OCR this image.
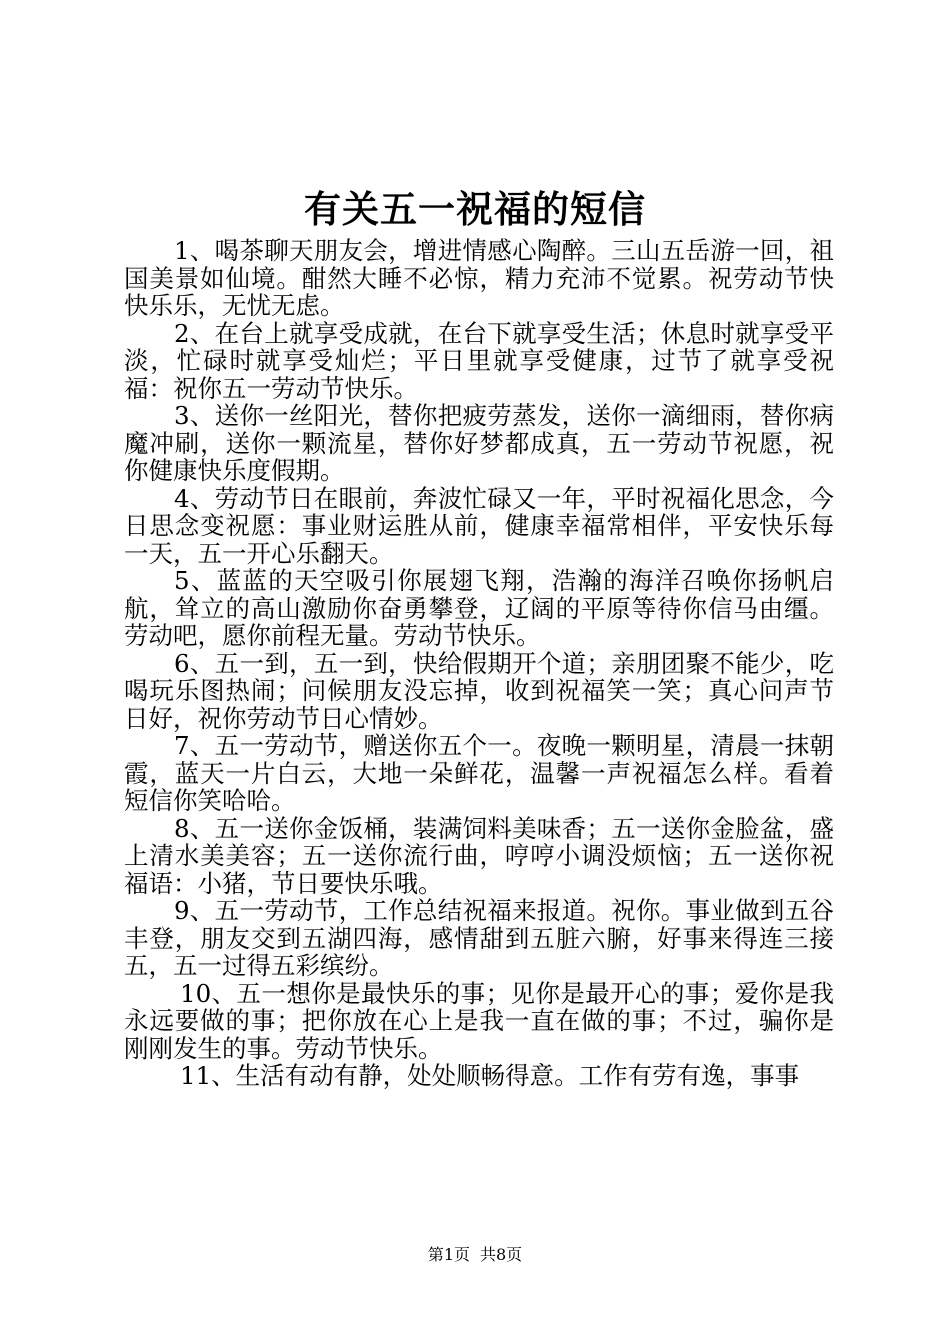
有关五一祝福的短信

1、喝茶聊天朋友会，增进情感心陶醉。三山五岳游一回，祖国美景如仙境。酣然大睡不必惊，精力充沛不觉累。祝劳动节快快乐乐，无忧无虑。

2、在台上就享受成就，在台下就享受生活；休息时就享受平淡，忙碌时就享受灿烂；平日里就享受健康，过节了就享受祝福：祝你五一劳动节快乐。

3、送你一丝阳光，替你把疲劳蒸发，送你一滴细雨，替你病魔冲刷，送你一颗流星，替你好梦都成真，五一劳动节祝愿，祝你健康快乐度假期。

4、劳动节日在眼前，奔波忙碌又一年，平时祝福化思念，今日思念变祝愿：事业财运胜从前，健康幸福常相伴，平安快乐每一天，五一开心乐翻天。

5、蓝蓝的天空吸引你展翅飞翔，浩瀚的海洋召唤你扬帆启航，耸立的高山激励你奋勇攀登，辽阔的平原等待你信马由缰。劳动吧，愿你前程无量。劳动节快乐。

6、五一到，五一到，快给假期开个道；亲朋团聚不能少，吃喝玩乐图热闹；问候朋友没忘掉，收到祝福笑一笑；真心问声节日好，祝你劳动节日心情妙。

7、五一劳动节，赠送你五个一。夜晚一颗明星，清晨一抹朝霞，蓝天一片白云，大地一朵鲜花，温馨一声祝福怎么样。看着短信你笑哈哈。

8、五一送你金饭桶，装满饲料美味香；五一送你金脸盆，盛上清水美美容；五一送你流行曲，哼哼小调没烦恼；五一送你祝福语：小猪，节日要快乐哦。

9、五一劳动节，工作总结祝福来报道。祝你。事业做到五谷丰登，朋友交到五湖四海，感情甜到五脏六腑，好事来得连三接五，五一过得五彩缤纷。

10、五一想你是最快乐的事；见你是最开心的事；爱你是我永远要做的事；把你放在心上是我一直在做的事；不过，骗你是刚刚发生的事。劳动节快乐。

11、生活有动有静，处处顺畅得意。工作有劳有逸，事事

第1页 共8页
